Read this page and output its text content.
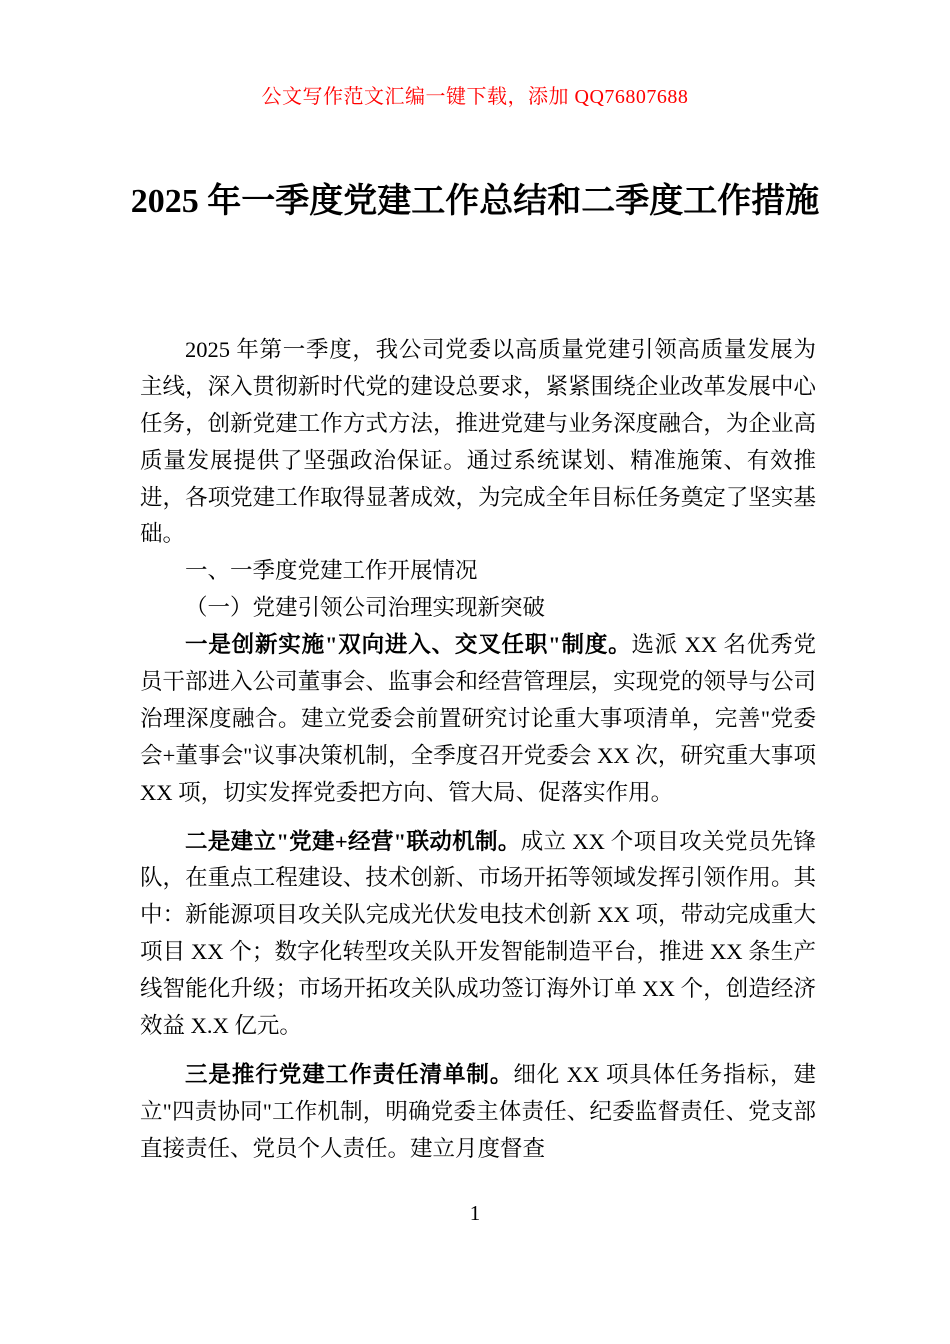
公文写作范文汇编一键下载，添加 QQ76807688
2025 年一季度党建工作总结和二季度工作措施

2025 年第一季度，我公司党委以高质量党建引领高质量发展为主线，深入贯彻新时代党的建设总要求，紧紧围绕企业改革发展中心任务，创新党建工作方式方法，推进党建与业务深度融合，为企业高质量发展提供了坚强政治保证。通过系统谋划、精准施策、有效推进，各项党建工作取得显著成效，为完成全年目标任务奠定了坚实基础。

一、一季度党建工作开展情况

（一）党建引领公司治理实现新突破

一是创新实施"双向进入、交叉任职"制度。选派 XX 名优秀党员干部进入公司董事会、监事会和经营管理层，实现党的领导与公司治理深度融合。建立党委会前置研究讨论重大事项清单，完善"党委会+董事会"议事决策机制，全季度召开党委会 XX 次，研究重大事项 XX 项，切实发挥党委把方向、管大局、促落实作用。

二是建立"党建+经营"联动机制。成立 XX 个项目攻关党员先锋队，在重点工程建设、技术创新、市场开拓等领域发挥引领作用。其中：新能源项目攻关队完成光伏发电技术创新 XX 项，带动完成重大项目 XX 个；数字化转型攻关队开发智能制造平台，推进 XX 条生产线智能化升级；市场开拓攻关队成功签订海外订单 XX 个，创造经济效益 X.X 亿元。

三是推行党建工作责任清单制。细化 XX 项具体任务指标，建立"四责协同"工作机制，明确党委主体责任、纪委监督责任、党支部直接责任、党员个人责任。建立月度督查

1
